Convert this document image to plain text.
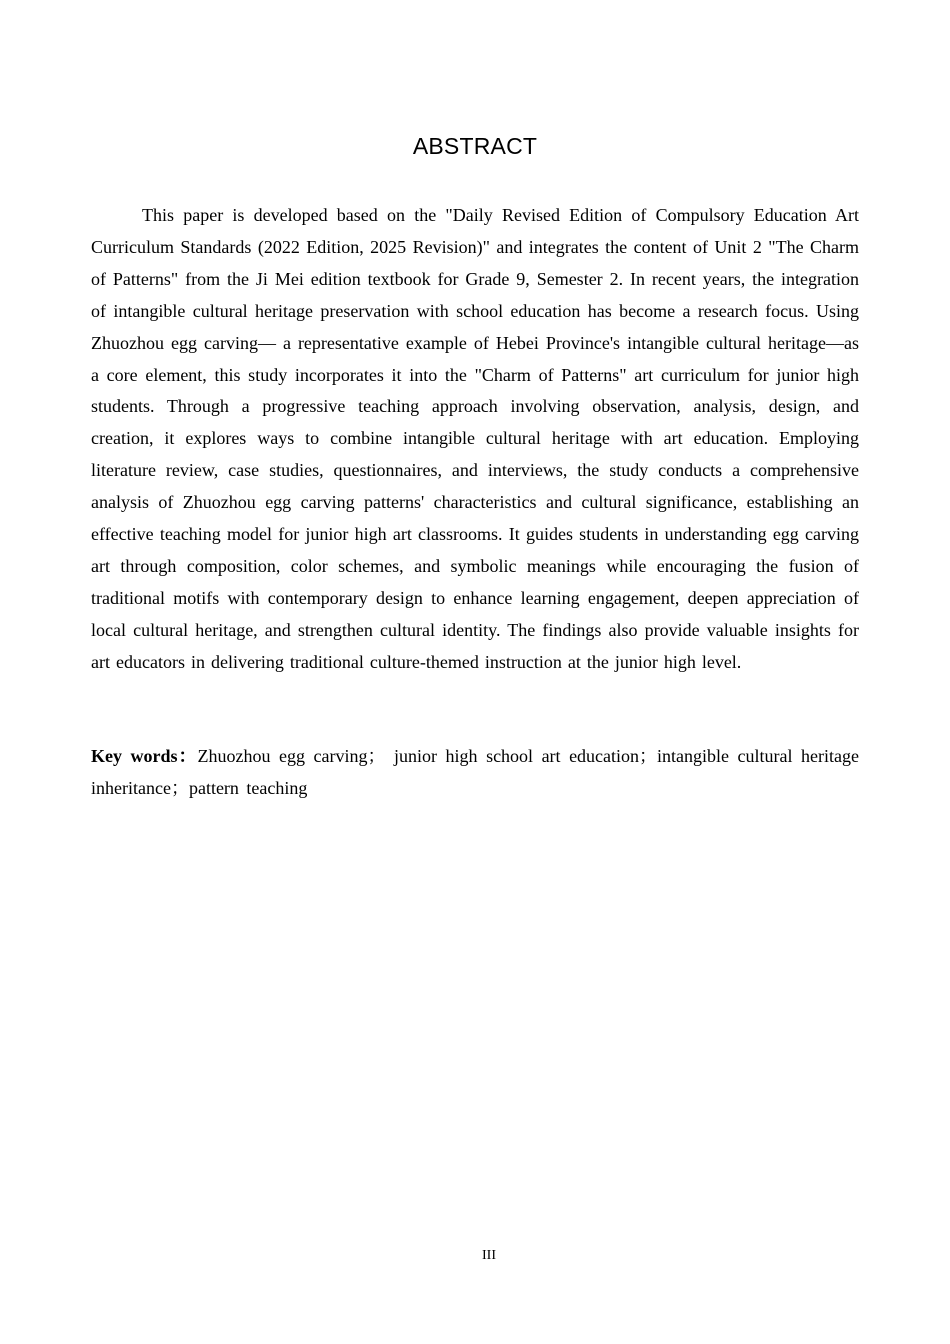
ABSTRACT

This paper is developed based on the "Daily Revised Edition of Compulsory Education Art Curriculum Standards (2022 Edition, 2025 Revision)" and integrates the content of Unit 2 "The Charm of Patterns" from the Ji Mei edition textbook for Grade 9, Semester 2. In recent years, the integration of intangible cultural heritage preservation with school education has become a research focus. Using Zhuozhou egg carving— a representative example of Hebei Province's intangible cultural heritage—as a core element, this study incorporates it into the "Charm of Patterns" art curriculum for junior high students. Through a progressive teaching approach involving observation, analysis, design, and creation, it explores ways to combine intangible cultural heritage with art education. Employing literature review, case studies, questionnaires, and interviews, the study conducts a comprehensive analysis of Zhuozhou egg carving patterns' characteristics and cultural significance, establishing an effective teaching model for junior high art classrooms. It guides students in understanding egg carving art through composition, color schemes, and symbolic meanings while encouraging the fusion of traditional motifs with contemporary design to enhance learning engagement, deepen appreciation of local cultural heritage, and strengthen cultural identity. The findings also provide valuable insights for art educators in delivering traditional culture-themed instruction at the junior high level.

Key words：Zhuozhou egg carving； junior high school art education；intangible cultural heritage inheritance；pattern teaching

III
